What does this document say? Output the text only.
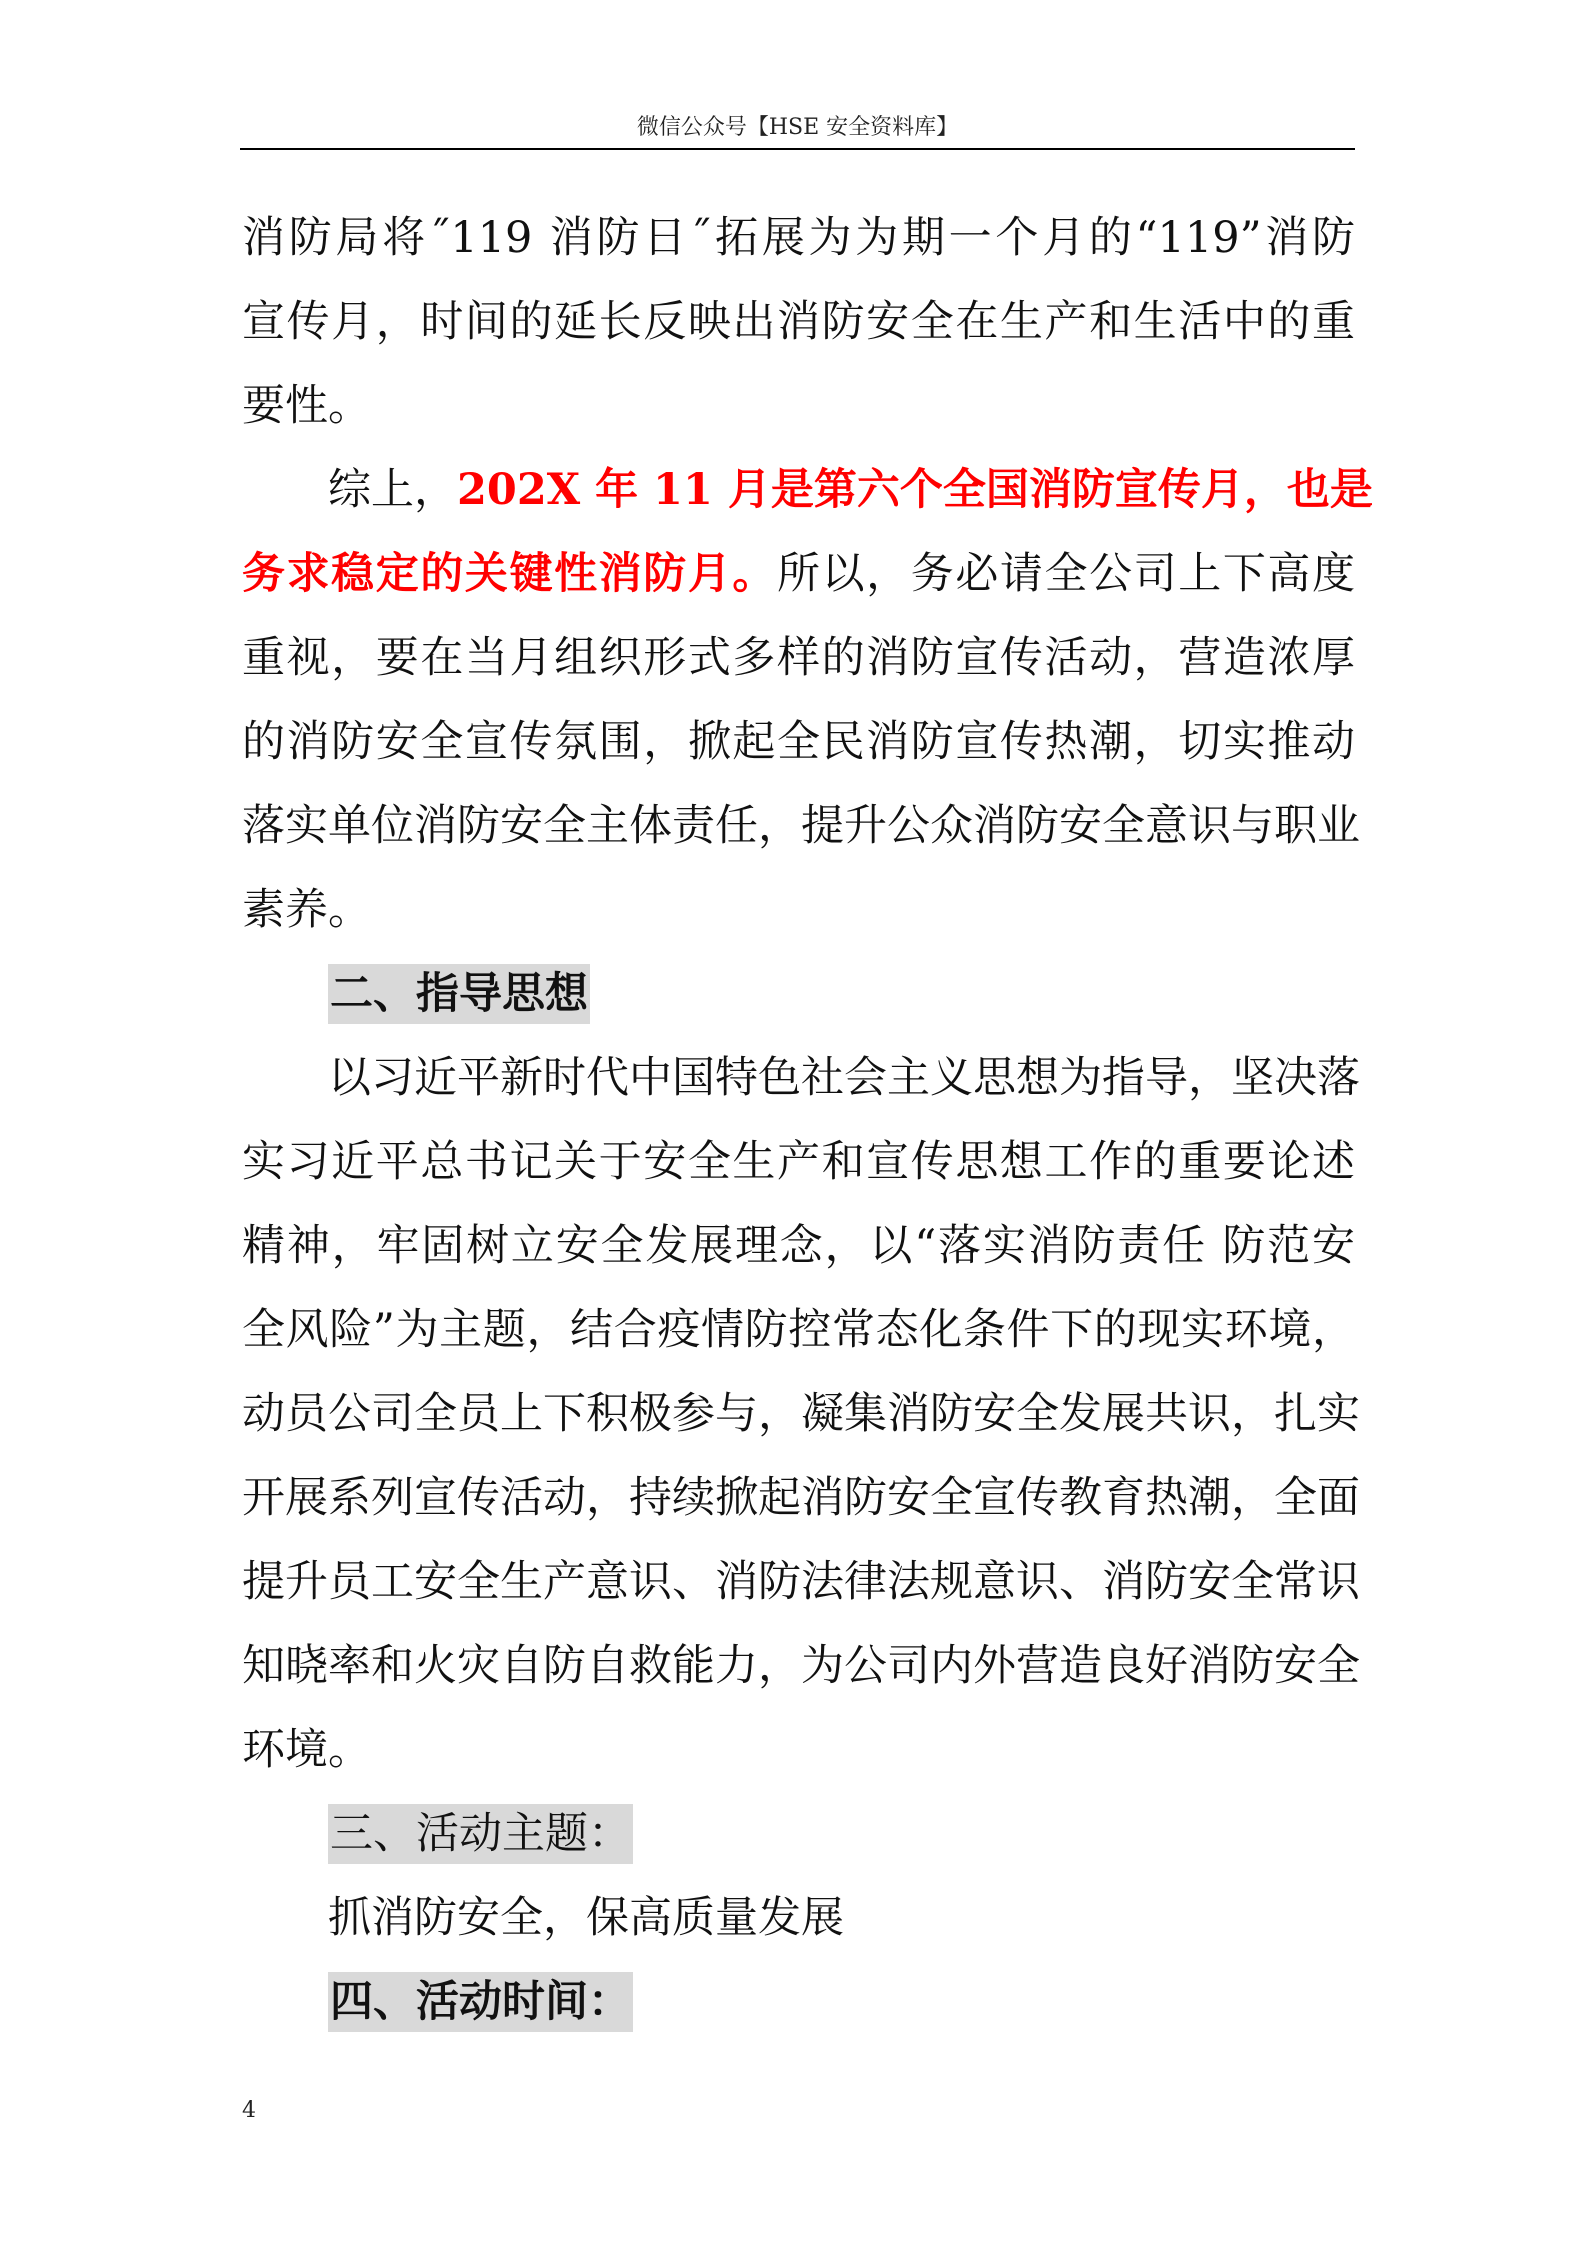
微信公众号【HSE 安全资料库】
消防局将˝119 消防日˝拓展为为期一个月的“119”消防
宣传月，时间的延长反映出消防安全在生产和生活中的重
要性。
综上，202X 年 11 月是第六个全国消防宣传月，也是
务求稳定的关键性消防月。所以，务必请全公司上下高度
重视，要在当月组织形式多样的消防宣传活动，营造浓厚
的消防安全宣传氛围，掀起全民消防宣传热潮，切实推动
落实单位消防安全主体责任，提升公众消防安全意识与职业
素养。
二、指导思想
以习近平新时代中国特色社会主义思想为指导，坚决落
实习近平总书记关于安全生产和宣传思想工作的重要论述
精神，牢固树立安全发展理念，以“落实消防责任 防范安
全风险”为主题，结合疫情防控常态化条件下的现实环境，
动员公司全员上下积极参与，凝集消防安全发展共识，扎实
开展系列宣传活动，持续掀起消防安全宣传教育热潮，全面
提升员工安全生产意识、消防法律法规意识、消防安全常识
知晓率和火灾自防自救能力，为公司内外营造良好消防安全
环境。
三、活动主题：
抓消防安全，保高质量发展
四、活动时间：
4
